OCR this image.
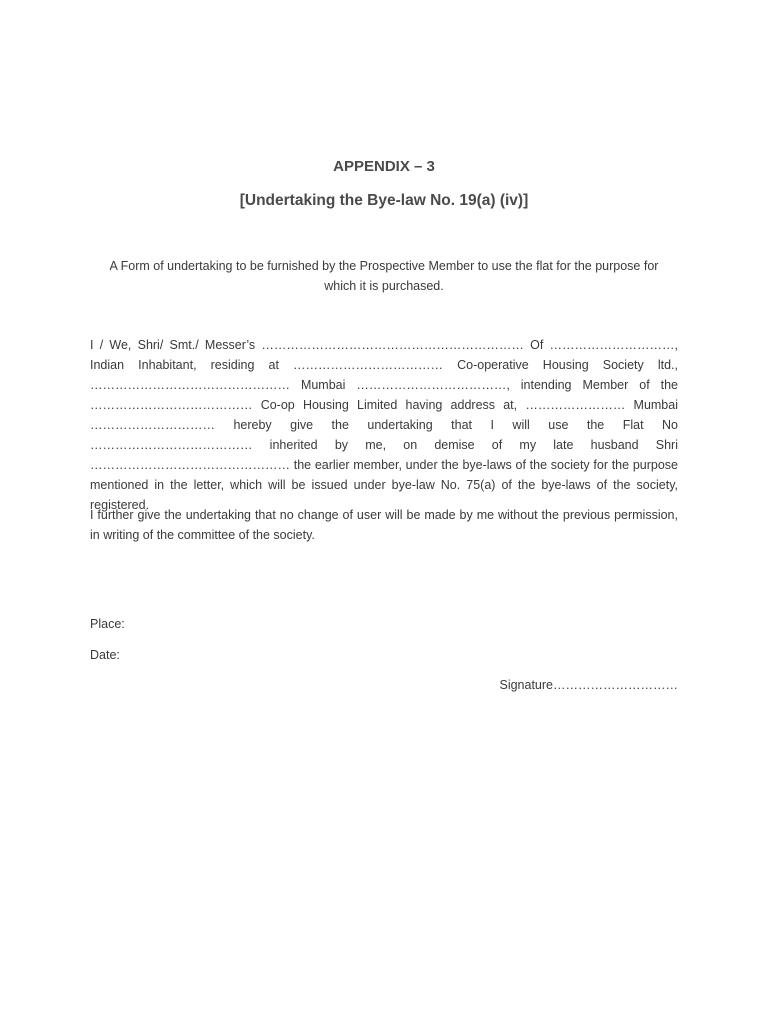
APPENDIX – 3

[Undertaking the Bye-law No. 19(a) (iv)]

A Form of undertaking to be furnished by the Prospective Member to use the flat for the purpose for which it is purchased.

I / We, Shri/ Smt./ Messer’s ……………………………………………………… Of …………………………, Indian Inhabitant, residing at ……………………………… Co-operative Housing Society ltd., ………………………………………… Mumbai ………………………………, intending Member of the ………………………………… Co-op Housing Limited having address at, …………………… Mumbai ………………………… hereby give the undertaking that I will use the Flat No ………………………………… inherited by me, on demise of my late husband Shri ………………………………………… the earlier member, under the bye-laws of the society for the purpose mentioned in the letter, which will be issued under bye-law No. 75(a) of the bye-laws of the society, registered.

I further give the undertaking that no change of user will be made by me without the previous permission, in writing of the committee of the society.

Place:

Date:

Signature…………………………
